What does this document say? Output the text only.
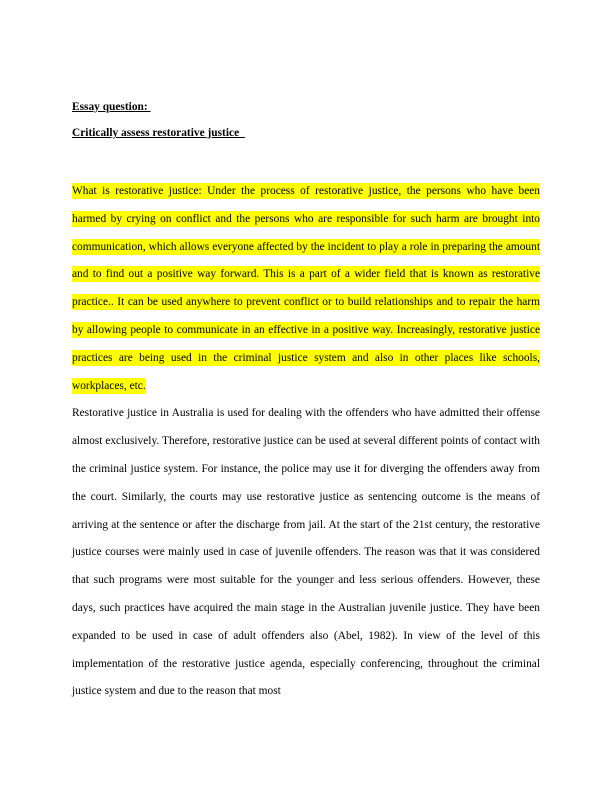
Essay question:

Critically assess restorative justice

What is restorative justice: Under the process of restorative justice, the persons who have been harmed by crying on conflict and the persons who are responsible for such harm are brought into communication, which allows everyone affected by the incident to play a role in preparing the amount and to find out a positive way forward. This is a part of a wider field that is known as restorative practice.. It can be used anywhere to prevent conflict or to build relationships and to repair the harm by allowing people to communicate in an effective in a positive way. Increasingly, restorative justice practices are being used in the criminal justice system and also in other places like schools, workplaces, etc.

Restorative justice in Australia is used for dealing with the offenders who have admitted their offense almost exclusively. Therefore, restorative justice can be used at several different points of contact with the criminal justice system. For instance, the police may use it for diverging the offenders away from the court. Similarly, the courts may use restorative justice as sentencing outcome is the means of arriving at the sentence or after the discharge from jail. At the start of the 21st century, the restorative justice courses were mainly used in case of juvenile offenders. The reason was that it was considered that such programs were most suitable for the younger and less serious offenders. However, these days, such practices have acquired the main stage in the Australian juvenile justice. They have been expanded to be used in case of adult offenders also (Abel, 1982). In view of the level of this implementation of the restorative justice agenda, especially conferencing, throughout the criminal justice system and due to the reason that most
